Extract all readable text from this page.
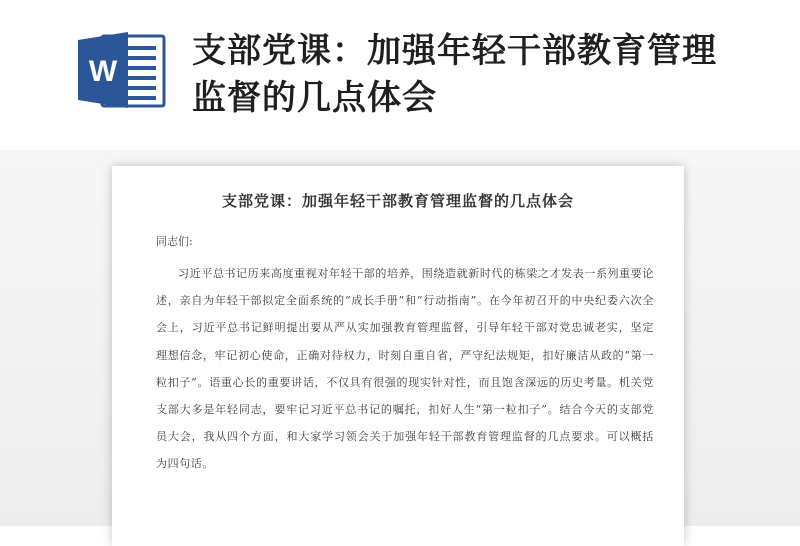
W
支部党课：加强年轻干部教育管理监督的几点体会
支部党课：加强年轻干部教育管理监督的几点体会
同志们:

习近平总书记历来高度重视对年轻干部的培养，围绕造就新时代的栋梁之才发表一系列重要论述，亲自为年轻干部拟定全面系统的“成长手册”和“行动指南”。在今年初召开的中央纪委六次全会上，习近平总书记鲜明提出要从严从实加强教育管理监督，引导年轻干部对党忠诚老实，坚定理想信念，牢记初心使命，正确对待权力，时刻自重自省，严守纪法规矩，扣好廉洁从政的“第一粒扣子”。语重心长的重要讲话，不仅具有很强的现实针对性，而且饱含深远的历史考量。机关党支部大多是年轻同志，要牢记习近平总书记的嘱托，扣好人生“第一粒扣子”。结合今天的支部党员大会，我从四个方面，和大家学习领会关于加强年轻干部教育管理监督的几点要求。可以概括为四句话。
